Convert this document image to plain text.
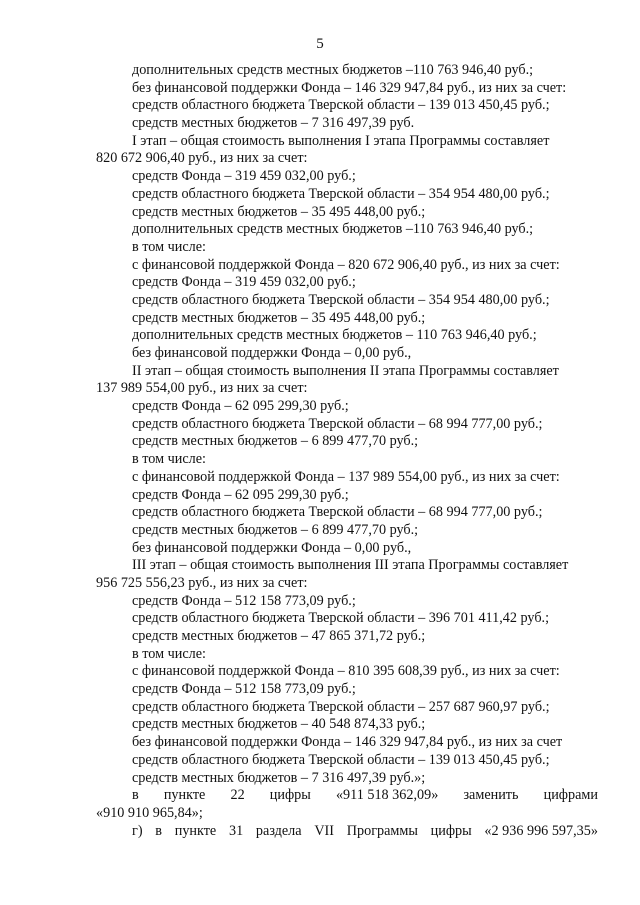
5
дополнительных средств местных бюджетов –110 763 946,40 руб.;
без финансовой поддержки Фонда – 146 329 947,84 руб., из них за счет:
средств областного бюджета Тверской области – 139 013 450,45 руб.;
средств местных бюджетов – 7 316 497,39 руб.
I этап – общая стоимость выполнения I этапа Программы составляет
820 672 906,40 руб., из них за счет:
средств Фонда – 319 459 032,00 руб.;
средств областного бюджета Тверской области – 354 954 480,00 руб.;
средств местных бюджетов – 35 495 448,00 руб.;
дополнительных средств местных бюджетов –110 763 946,40 руб.;
в том числе:
с финансовой поддержкой Фонда – 820 672 906,40 руб., из них за счет:
средств Фонда – 319 459 032,00 руб.;
средств областного бюджета Тверской области – 354 954 480,00 руб.;
средств местных бюджетов – 35 495 448,00 руб.;
дополнительных средств местных бюджетов – 110 763 946,40 руб.;
без финансовой поддержки Фонда – 0,00 руб.,
II этап – общая стоимость выполнения II этапа Программы составляет
137 989 554,00 руб., из них за счет:
средств Фонда – 62 095 299,30 руб.;
средств областного бюджета Тверской области – 68 994 777,00 руб.;
средств местных бюджетов – 6 899 477,70 руб.;
в том числе:
с финансовой поддержкой Фонда – 137 989 554,00 руб., из них за счет:
средств Фонда – 62 095 299,30 руб.;
средств областного бюджета Тверской области – 68 994 777,00 руб.;
средств местных бюджетов – 6 899 477,70 руб.;
без финансовой поддержки Фонда – 0,00 руб.,
III этап – общая стоимость выполнения III этапа Программы составляет
956 725 556,23 руб., из них за счет:
средств Фонда – 512 158 773,09 руб.;
средств областного бюджета Тверской области – 396 701 411,42 руб.;
средств местных бюджетов – 47 865 371,72 руб.;
в том числе:
с финансовой поддержкой Фонда – 810 395 608,39 руб., из них за счет:
средств Фонда – 512 158 773,09 руб.;
средств областного бюджета Тверской области – 257 687 960,97 руб.;
средств местных бюджетов – 40 548 874,33 руб.;
без финансовой поддержки Фонда – 146 329 947,84 руб., из них за счет
средств областного бюджета Тверской области – 139 013 450,45 руб.;
средств местных бюджетов – 7 316 497,39 руб.»;
в пункте 22 цифры «911 518 362,09» заменить цифрами
«910 910 965,84»;
г) в пункте 31 раздела VII Программы цифры «2 936 996 597,35»
